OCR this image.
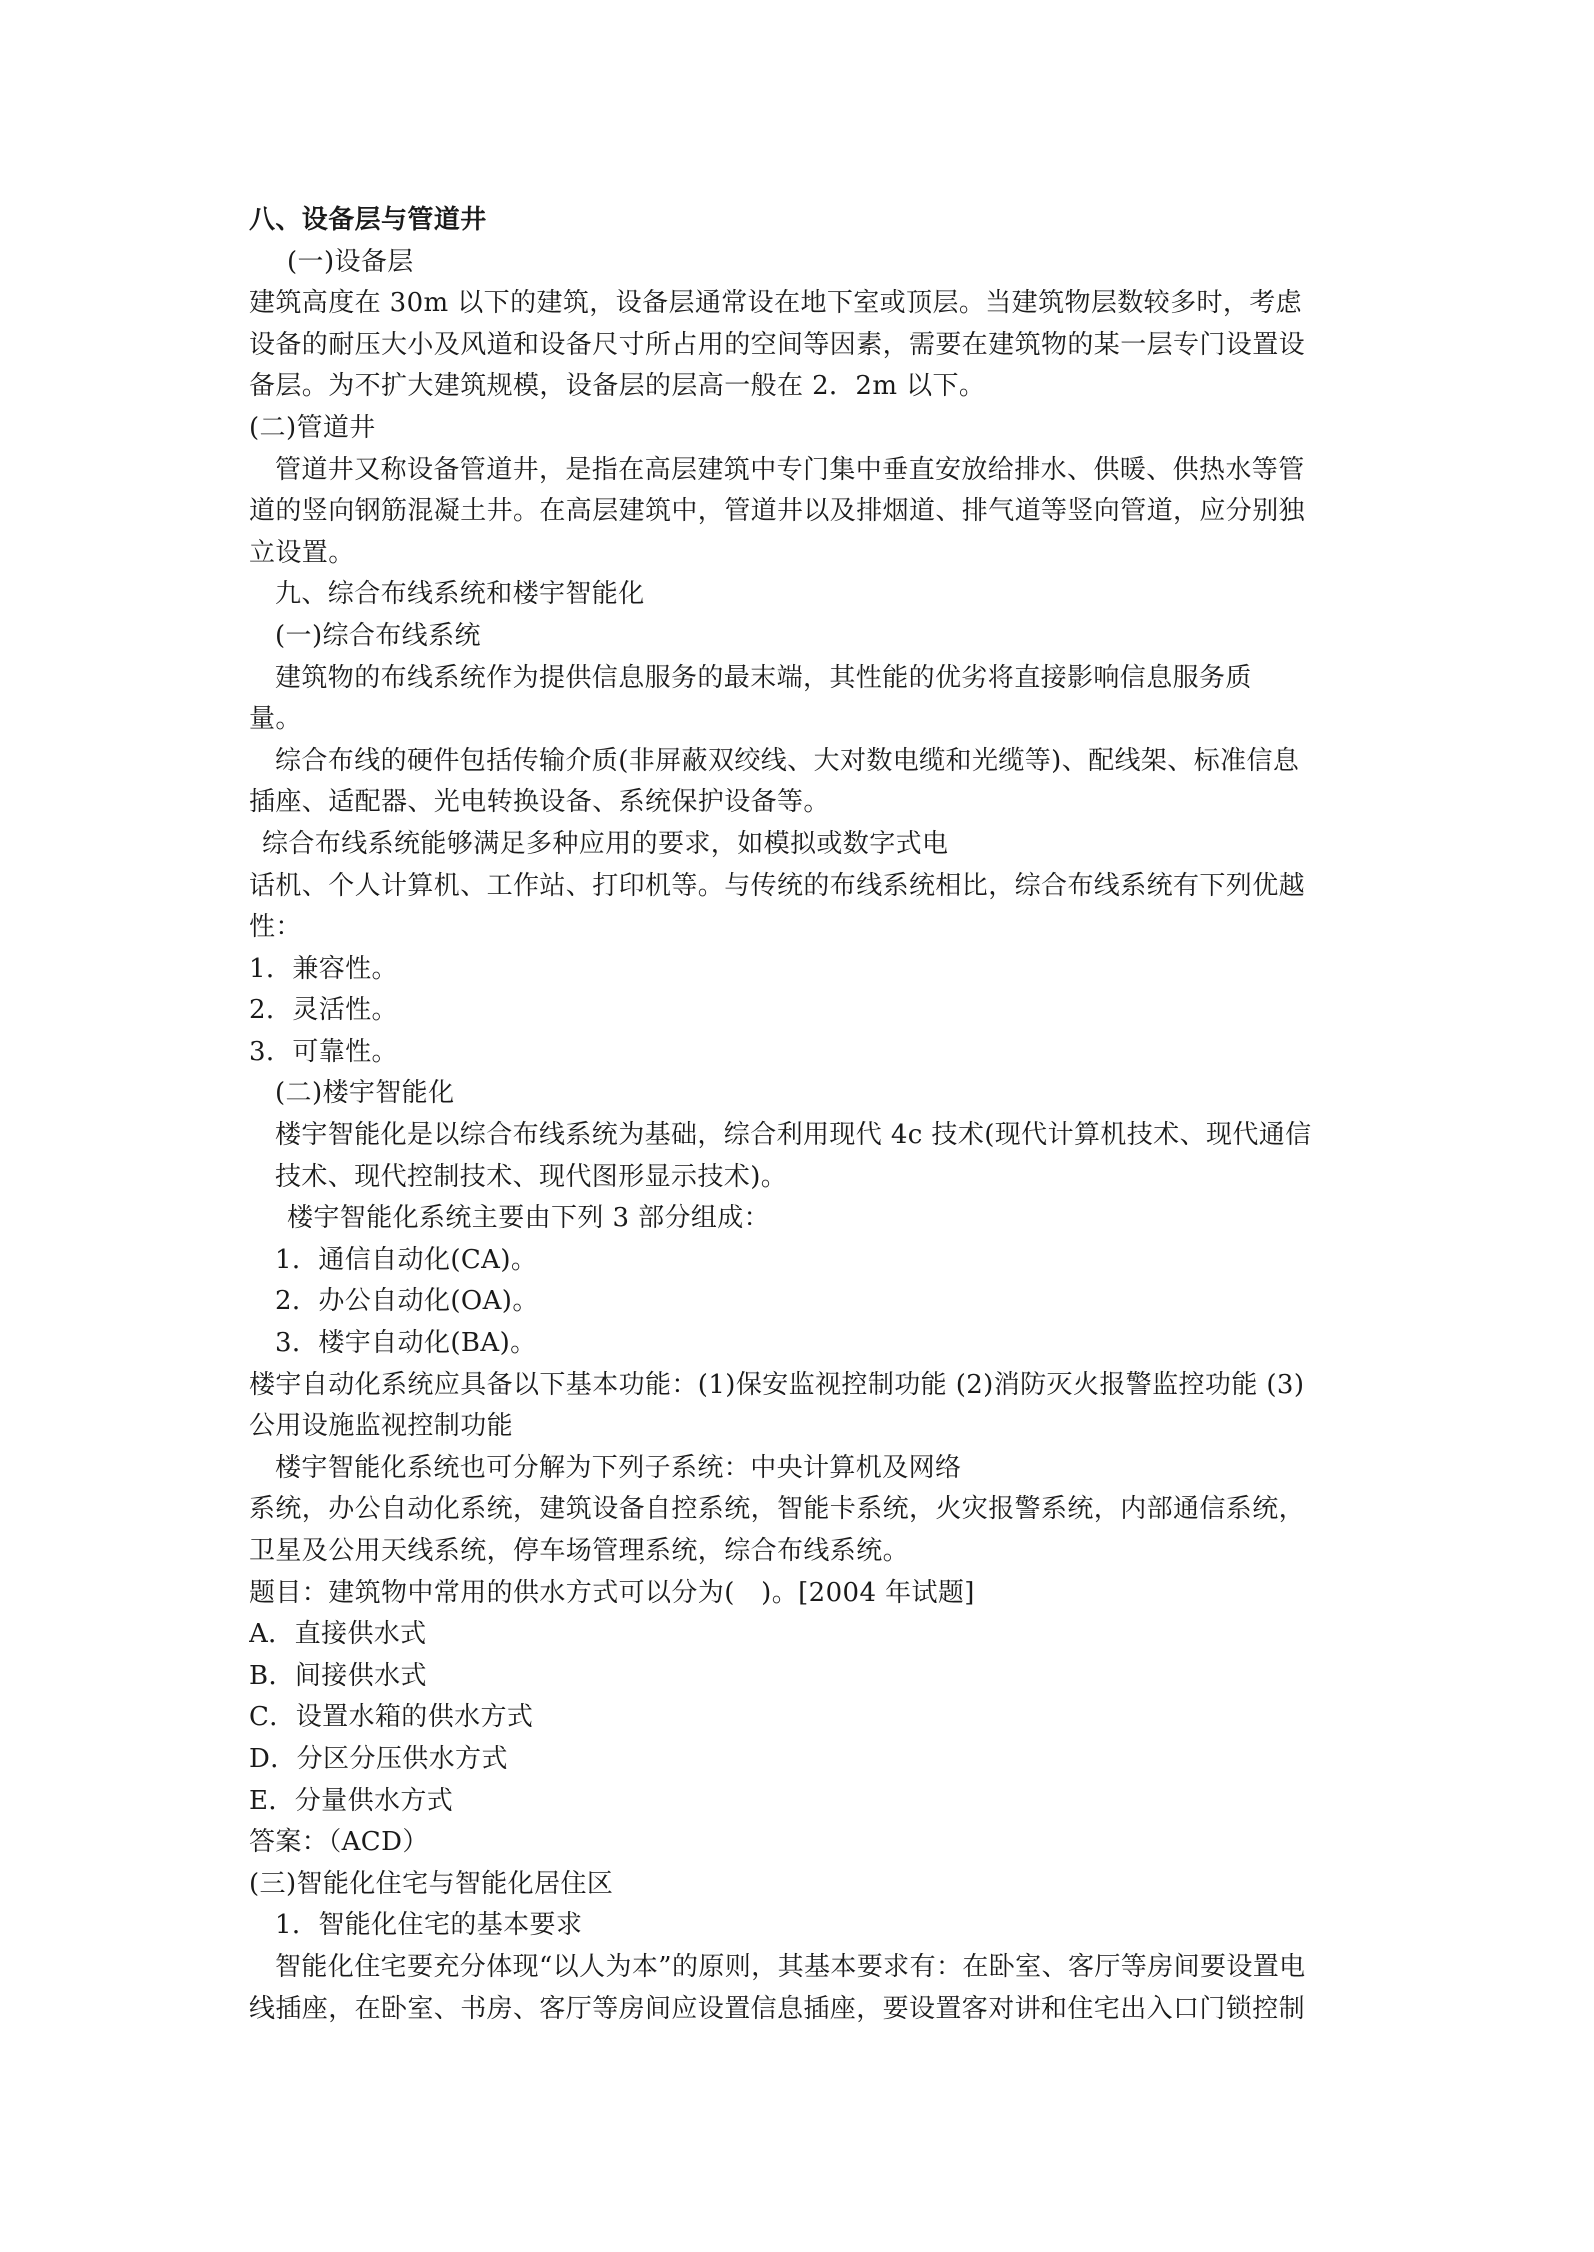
八、设备层与管道井
(一)设备层
建筑高度在 30m 以下的建筑，设备层通常设在地下室或顶层。当建筑物层数较多时，考虑
设备的耐压大小及风道和设备尺寸所占用的空间等因素，需要在建筑物的某一层专门设置设
备层。为不扩大建筑规模，设备层的层高一般在 2．2m 以下。
(二)管道井
管道井又称设备管道井，是指在高层建筑中专门集中垂直安放给排水、供暖、供热水等管
道的竖向钢筋混凝土井。在高层建筑中，管道井以及排烟道、排气道等竖向管道，应分别独
立设置。
九、综合布线系统和楼宇智能化
(一)综合布线系统
建筑物的布线系统作为提供信息服务的最末端，其性能的优劣将直接影响信息服务质
量。
综合布线的硬件包括传输介质(非屏蔽双绞线、大对数电缆和光缆等)、配线架、标准信息
插座、适配器、光电转换设备、系统保护设备等。
综合布线系统能够满足多种应用的要求，如模拟或数字式电
话机、个人计算机、工作站、打印机等。与传统的布线系统相比，综合布线系统有下列优越
性：
1．兼容性。
2．灵活性。
3．可靠性。
(二)楼宇智能化
楼宇智能化是以综合布线系统为基础，综合利用现代 4c 技术(现代计算机技术、现代通信
技术、现代控制技术、现代图形显示技术)。
楼宇智能化系统主要由下列 3 部分组成：
1．通信自动化(CA)。
2．办公自动化(OA)。
3．楼宇自动化(BA)。
楼宇自动化系统应具备以下基本功能：(1)保安监视控制功能 (2)消防灭火报警监控功能 (3)
公用设施监视控制功能
楼宇智能化系统也可分解为下列子系统：中央计算机及网络
系统，办公自动化系统，建筑设备自控系统，智能卡系统，火灾报警系统，内部通信系统，
卫星及公用天线系统，停车场管理系统，综合布线系统。
题目：建筑物中常用的供水方式可以分为(　)。[2004 年试题]
A．直接供水式
B．间接供水式
C．设置水箱的供水方式
D．分区分压供水方式
E．分量供水方式
答案：（ACD）
(三)智能化住宅与智能化居住区
1．智能化住宅的基本要求
智能化住宅要充分体现“以人为本”的原则，其基本要求有：在卧室、客厅等房间要设置电
线插座，在卧室、书房、客厅等房间应设置信息插座，要设置客对讲和住宅出入口门锁控制
